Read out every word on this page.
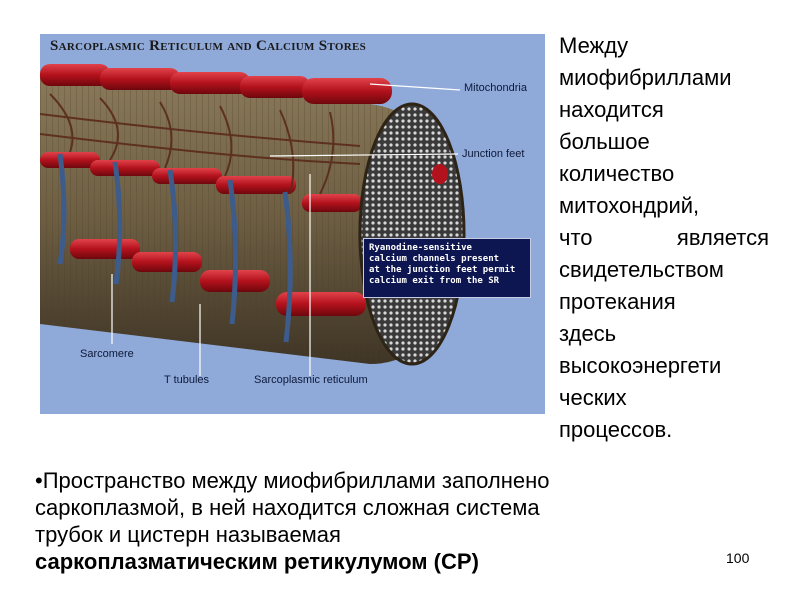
Sarcoplasmic Reticulum and Calcium Stores
Mitochondria
Junction feet
Sarcomere
T tubules	Sarcoplasmic reticulum
Ryanodine-sensitive
calcium channels present
at the junction feet permit
calcium exit from the SR
Между
миофибриллами
находится
большое
количество
митохондрий,
что является
свидетельством
протекания
здесь
высокоэнергети
ческих
процессов.
•Пространство между миофибриллами заполнено
саркоплазмой, в ней находится сложная система
трубок и цистерн называемая
саркоплазматическим ретикулумом (СР)	100
